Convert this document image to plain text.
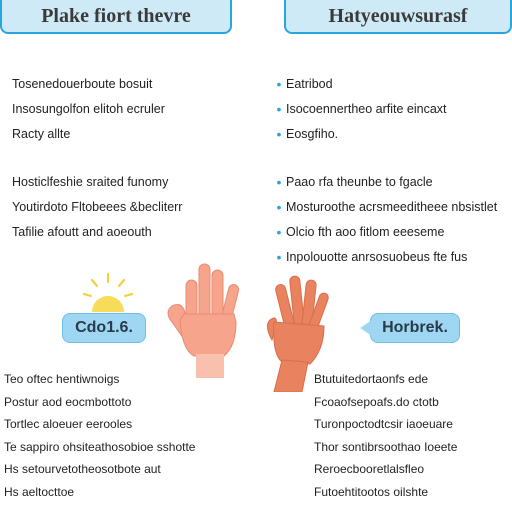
Plake fiort thevre	Hatyeouwsurasf
Tosenedouerboute bosuit
Insosungolfon elitoh ecruler
Racty allte
Hosticlfeshie sraited funomy
Youtirdoto Fltobeees &becliterr
Tafilie afoutt and aoeouth
• Eatribod
• Isocoennertheo arfite eincaxt
• Eosgfiho.
• Paao rfa theunbe to fgacle
• Mosturoothe acrsmeeditheee nbsistlet
• Olcio fth aoo fitlom eeeseme
• Inpolouotte anrsosuobeus fte fus
Cdo1.6.	Horbrek.
Teo oftec hentiwnoigs
Postur aod eocmbottoto
Tortlec aloeuer eerooles
Te sappiro ohsiteathosobioe sshotte
Hs setourvetotheosotbote aut
Hs aeltocttoe
Btutuitedortaonfs ede
Fcoaofsepoafs.do ctotb
Turonpoctodtcsir iaoeuare
Thor sontibrsoothao Ioeete
Reroecbooretlalsfleo
Futoehtitootos oilshte
